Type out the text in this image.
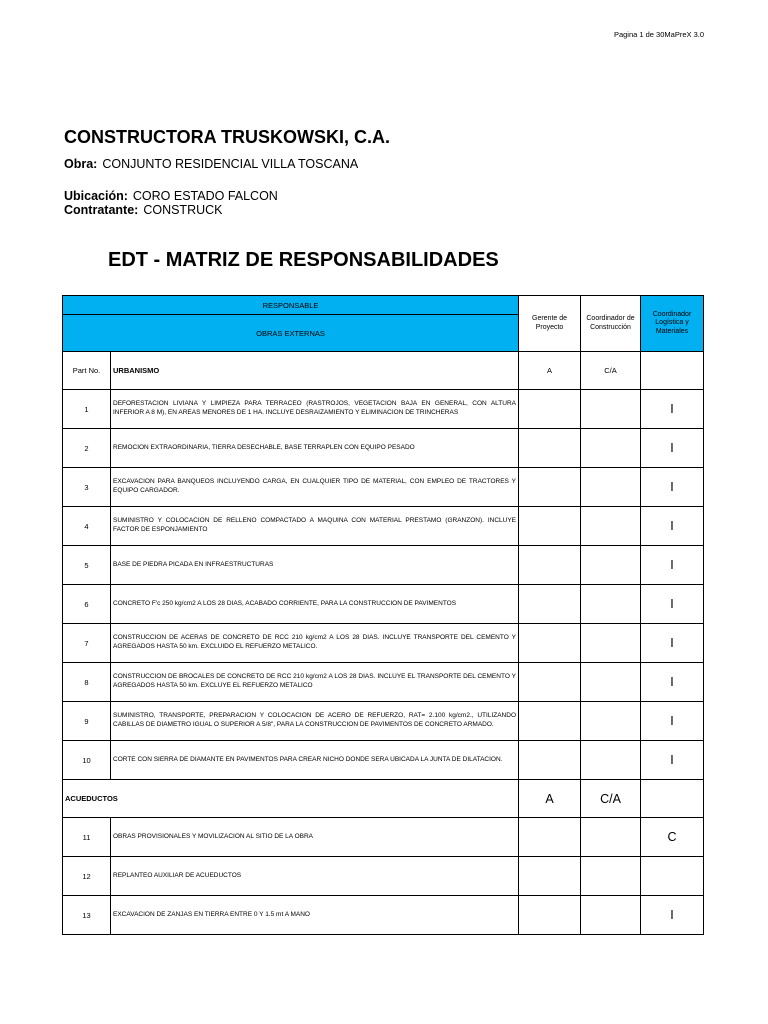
Pagina 1 de 30MaPreX 3.0
CONSTRUCTORA TRUSKOWSKI, C.A.
Obra: CONJUNTO RESIDENCIAL VILLA TOSCANA
Ubicación: CORO ESTADO FALCON
Contratante: CONSTRUCK
EDT - MATRIZ DE RESPONSABILIDADES
RESPONSABLE		Gerente de Proyecto	Coordinador de Construcción	Coordinador Logística y Materiales
OBRAS EXTERNAS				
Part No.	URBANISMO	A	C/A	
1	DEFORESTACION LIVIANA Y LIMPIEZA PARA TERRACEO (RASTROJOS, VEGETACION BAJA EN GENERAL, CON ALTURA INFERIOR A 8 M), EN AREAS MENORES DE 1 HA. INCLUYE DESRAIZAMIENTO Y ELIMINACION DE TRINCHERAS			I
2	REMOCION EXTRAORDINARIA, TIERRA DESECHABLE, BASE TERRAPLEN CON EQUIPO PESADO			I
3	EXCAVACION PARA BANQUEOS INCLUYENDO CARGA, EN CUALQUIER TIPO DE MATERIAL, CON EMPLEO DE TRACTORES Y EQUIPO CARGADOR.			I
4	SUMINISTRO Y COLOCACION DE RELLENO COMPACTADO A MAQUINA CON MATERIAL PRESTAMO (GRANZON). INCLUYE FACTOR DE ESPONJAMIENTO			I
5	BASE DE PIEDRA PICADA EN INFRAESTRUCTURAS			I
6	CONCRETO F'c 250 kg/cm2 A LOS 28 DIAS, ACABADO CORRIENTE, PARA LA CONSTRUCCION DE PAVIMENTOS			I
7	CONSTRUCCION DE ACERAS DE CONCRETO DE RCC 210 kg/cm2 A LOS 28 DIAS. INCLUYE TRANSPORTE DEL CEMENTO Y AGREGADOS HASTA 50 km. EXCLUIDO EL REFUERZO METALICO.			I
8	CONSTRUCCION DE BROCALES DE CONCRETO DE RCC 210 kg/cm2 A LOS 28 DIAS. INCLUYE EL TRANSPORTE DEL CEMENTO Y AGREGADOS HASTA 50 km. EXCLUYE EL REFUERZO METALICO			I
9	SUMINISTRO, TRANSPORTE, PREPARACION Y COLOCACION DE ACERO DE REFUERZO, RAT= 2.100 kg/cm2., UTILIZANDO CABILLAS DE DIAMETRO IGUAL O SUPERIOR A 5/8", PARA LA CONSTRUCCION DE PAVIMENTOS DE CONCRETO ARMADO.			I
10	CORTE CON SIERRA DE DIAMANTE EN PAVIMENTOS PARA CREAR NICHO DONDE SERA UBICADA LA JUNTA DE DILATACION.			I
ACUEDUCTOS		A	C/A	
11	OBRAS PROVISIONALES Y MOVILIZACION AL SITIO DE LA OBRA			C
12	REPLANTEO AUXILIAR DE ACUEDUCTOS			
13	EXCAVACION DE ZANJAS EN TIERRA ENTRE 0 Y 1.5 mt A MANO			I
